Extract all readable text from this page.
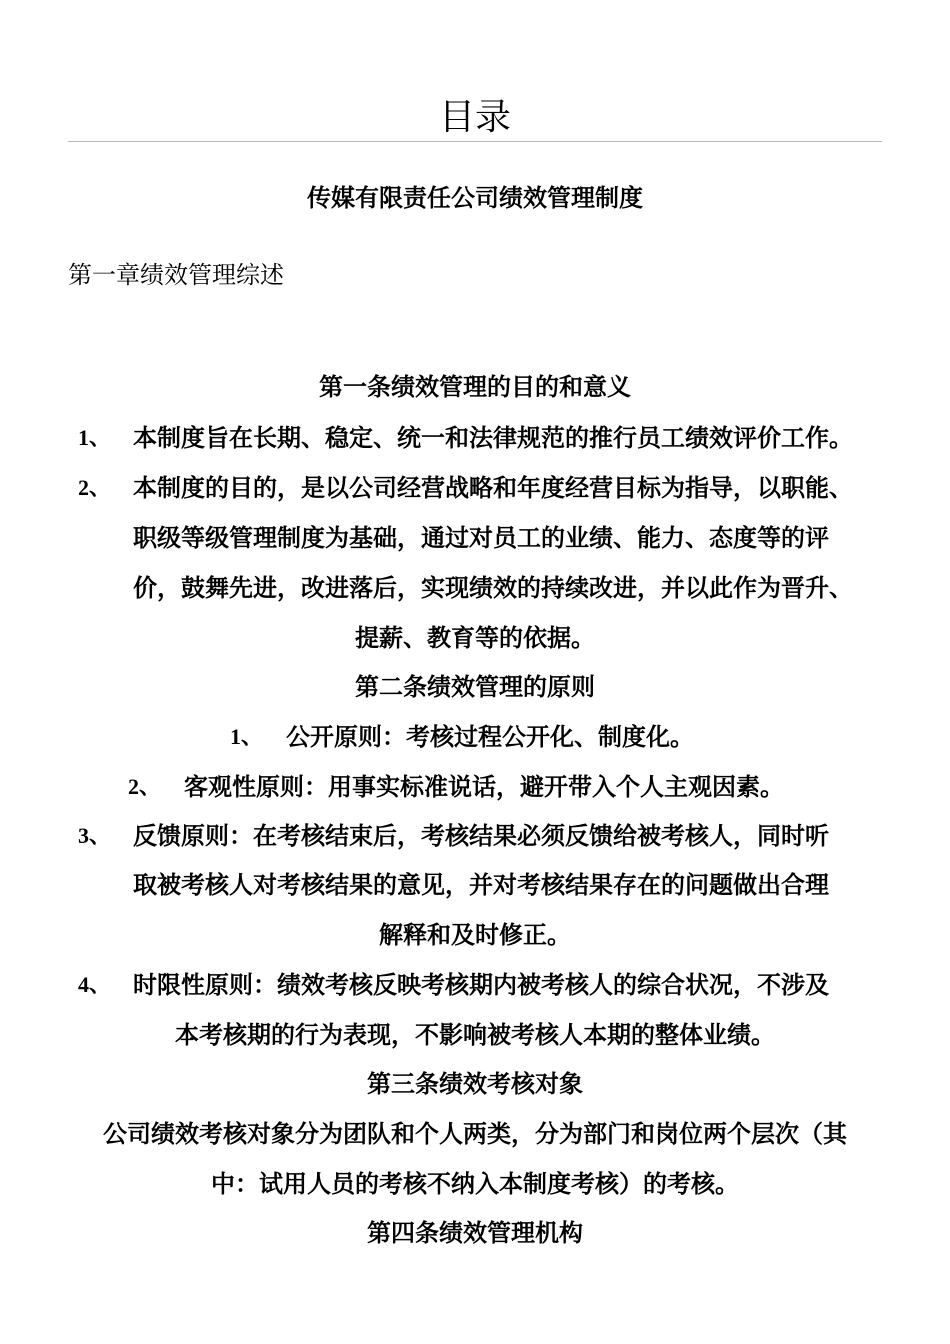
目录
传媒有限责任公司绩效管理制度
第一章绩效管理综述
第一条绩效管理的目的和意义
1、 本制度旨在长期、稳定、统一和法律规范的推行员工绩效评价工作。
2、 本制度的目的，是以公司经营战略和年度经营目标为指导，以职能、
职级等级管理制度为基础，通过对员工的业绩、能力、态度等的评
价，鼓舞先进，改进落后，实现绩效的持续改进，并以此作为晋升、
提薪、教育等的依据。
第二条绩效管理的原则
1、 公开原则：考核过程公开化、制度化。
2、 客观性原则：用事实标准说话，避开带入个人主观因素。
3、 反馈原则：在考核结束后，考核结果必须反馈给被考核人，同时听
取被考核人对考核结果的意见，并对考核结果存在的问题做出合理
解释和及时修正。
4、 时限性原则：绩效考核反映考核期内被考核人的综合状况，不涉及
本考核期的行为表现，不影响被考核人本期的整体业绩。
第三条绩效考核对象
公司绩效考核对象分为团队和个人两类，分为部门和岗位两个层次（其
中：试用人员的考核不纳入本制度考核）的考核。
第四条绩效管理机构
